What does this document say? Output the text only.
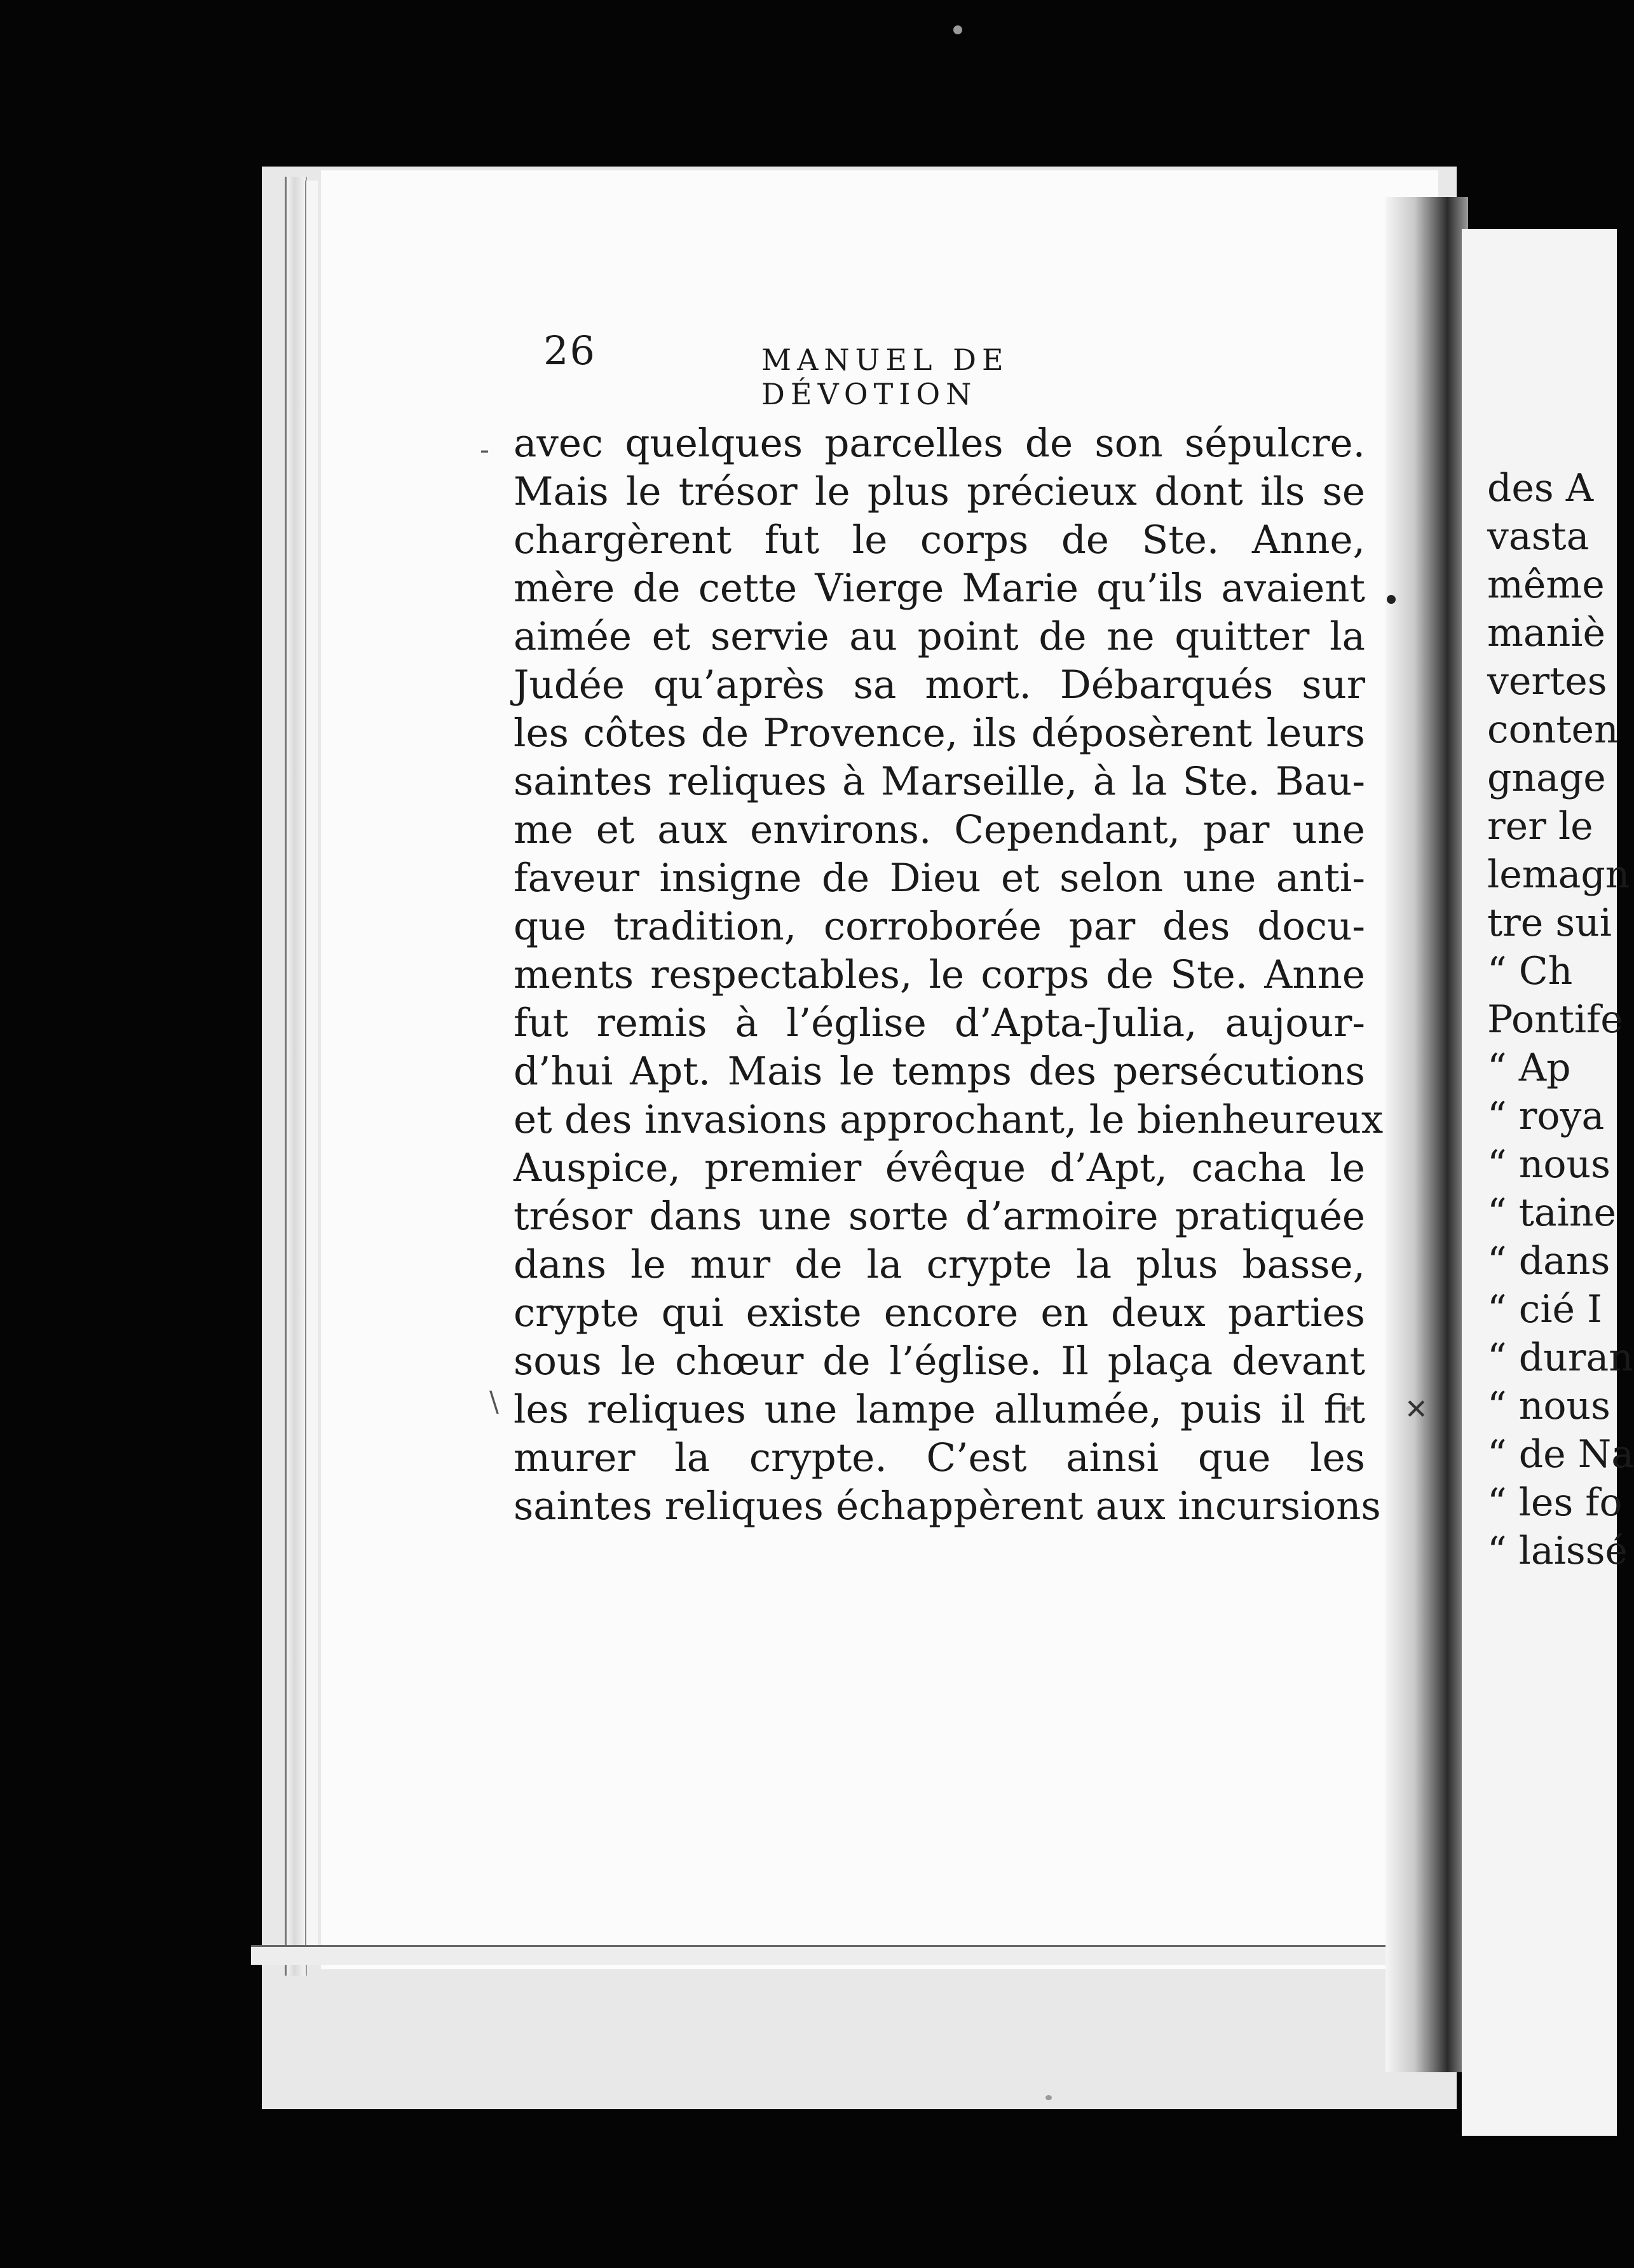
-
\	✕
26	MANUEL DE DÉVOTION
avec quelques parcelles de son sépulcre.
Mais le trésor le plus précieux dont ils se
chargèrent fut le corps de Ste. Anne,
mère de cette Vierge Marie qu’ils avaient
aimée et servie au point de ne quitter la
Judée qu’après sa mort. Débarqués sur
les côtes de Provence, ils déposèrent leurs
saintes reliques à Marseille, à la Ste. Bau-
me et aux environs. Cependant, par une
faveur insigne de Dieu et selon une anti-
que tradition, corroborée par des docu-
ments respectables, le corps de Ste. Anne
fut remis à l’église d’Apta-Julia, aujour-
d’hui Apt. Mais le temps des persécutions
et des invasions approchant, le bienheureux
Auspice, premier évêque d’Apt, cacha le
trésor dans une sorte d’armoire pratiquée
dans le mur de la crypte la plus basse,
crypte qui existe encore en deux parties
sous le chœur de l’église. Il plaça devant
les reliques une lampe allumée, puis il fit
murer la crypte. C’est ainsi que les
saintes reliques échappèrent aux incursions
des A
vasta
même
maniè
vertes
conten
gnage
rer le
lemagn
tre sui
“ Ch
Pontife
“ Ap
“ roya
“ nous
“ taine
“ dans
“ cié I
“ duran
“ nous
“ de Na
“ les fo
“ laissé
